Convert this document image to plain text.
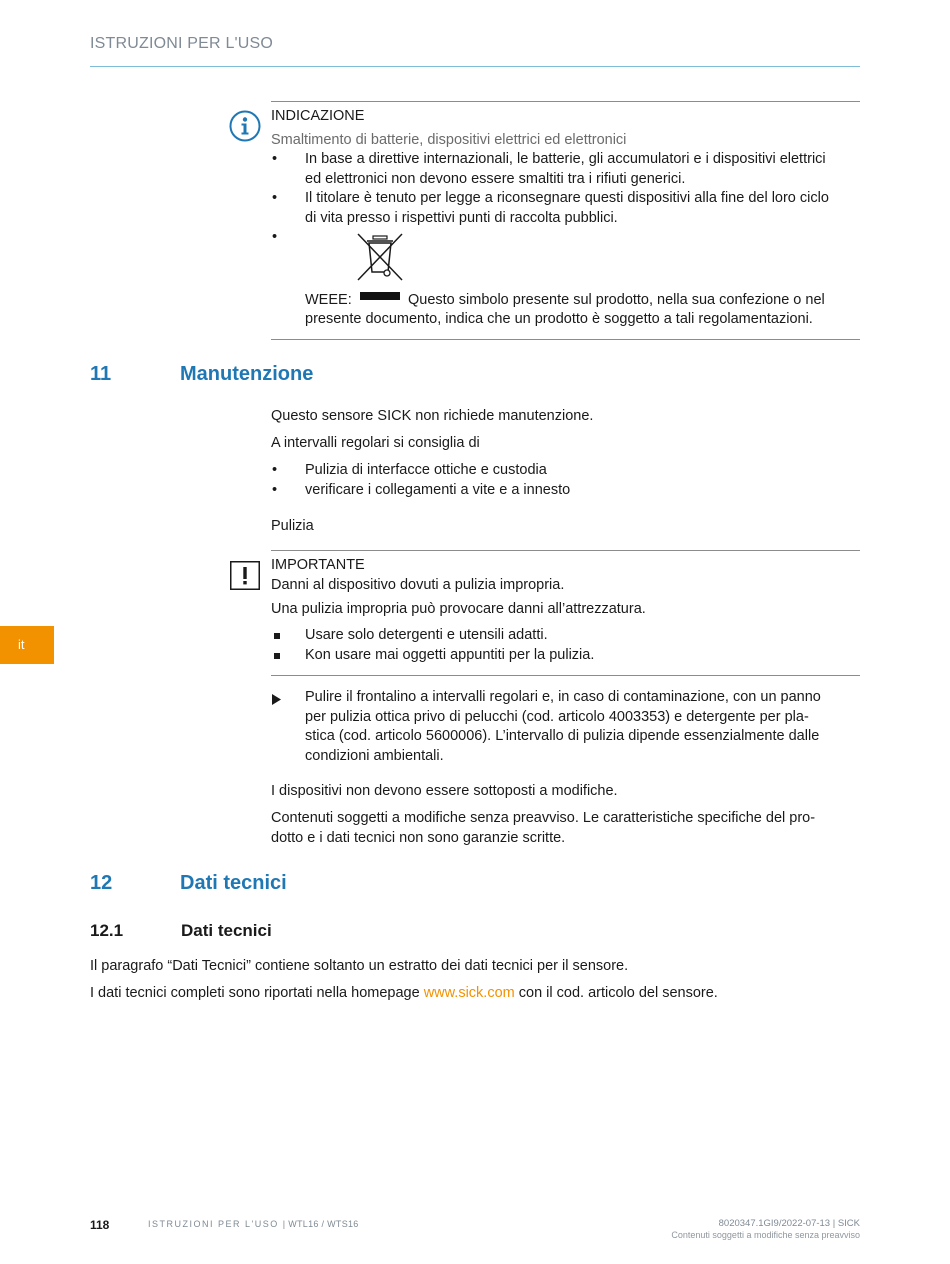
ISTRUZIONI PER L'USO
it
INDICAZIONE
Smaltimento di batterie, dispositivi elettrici ed elettronici
• In base a direttive internazionali, le batterie, gli accumulatori e i dispositivi elettrici
ed elettronici non devono essere smaltiti tra i rifiuti generici.
• Il titolare è tenuto per legge a riconsegnare questi dispositivi alla fine del loro ciclo
di vita presso i rispettivi punti di raccolta pubblici.
•
WEEE:	Questo simbolo presente sul prodotto, nella sua confezione o nel
presente documento, indica che un prodotto è soggetto a tali regolamentazioni.
11	Manutenzione
Questo sensore SICK non richiede manutenzione.
A intervalli regolari si consiglia di
• Pulizia di interfacce ottiche e custodia
• verificare i collegamenti a vite e a innesto
Pulizia
IMPORTANTE
Danni al dispositivo dovuti a pulizia impropria.
Una pulizia impropria può provocare danni all’attrezzatura.
Usare solo detergenti e utensili adatti.
Kon usare mai oggetti appuntiti per la pulizia.
Pulire il frontalino a intervalli regolari e, in caso di contaminazione, con un panno
per pulizia ottica privo di pelucchi (cod. articolo 4003353) e detergente per pla-
stica (cod. articolo 5600006). L’intervallo di pulizia dipende essenzialmente dalle
condizioni ambientali.
I dispositivi non devono essere sottoposti a modifiche.
Contenuti soggetti a modifiche senza preavviso. Le caratteristiche specifiche del pro-
dotto e i dati tecnici non sono garanzie scritte.
12	Dati tecnici
12.1	Dati tecnici
Il paragrafo “Dati Tecnici” contiene soltanto un estratto dei dati tecnici per il sensore.
I dati tecnici completi sono riportati nella homepage www.sick.com con il cod. articolo del sensore.
118	ISTRUZIONI PER L'USO | WTL16 / WTS16	8020347.1GI9/2022-07-13 | SICK
Contenuti soggetti a modifiche senza preavviso
